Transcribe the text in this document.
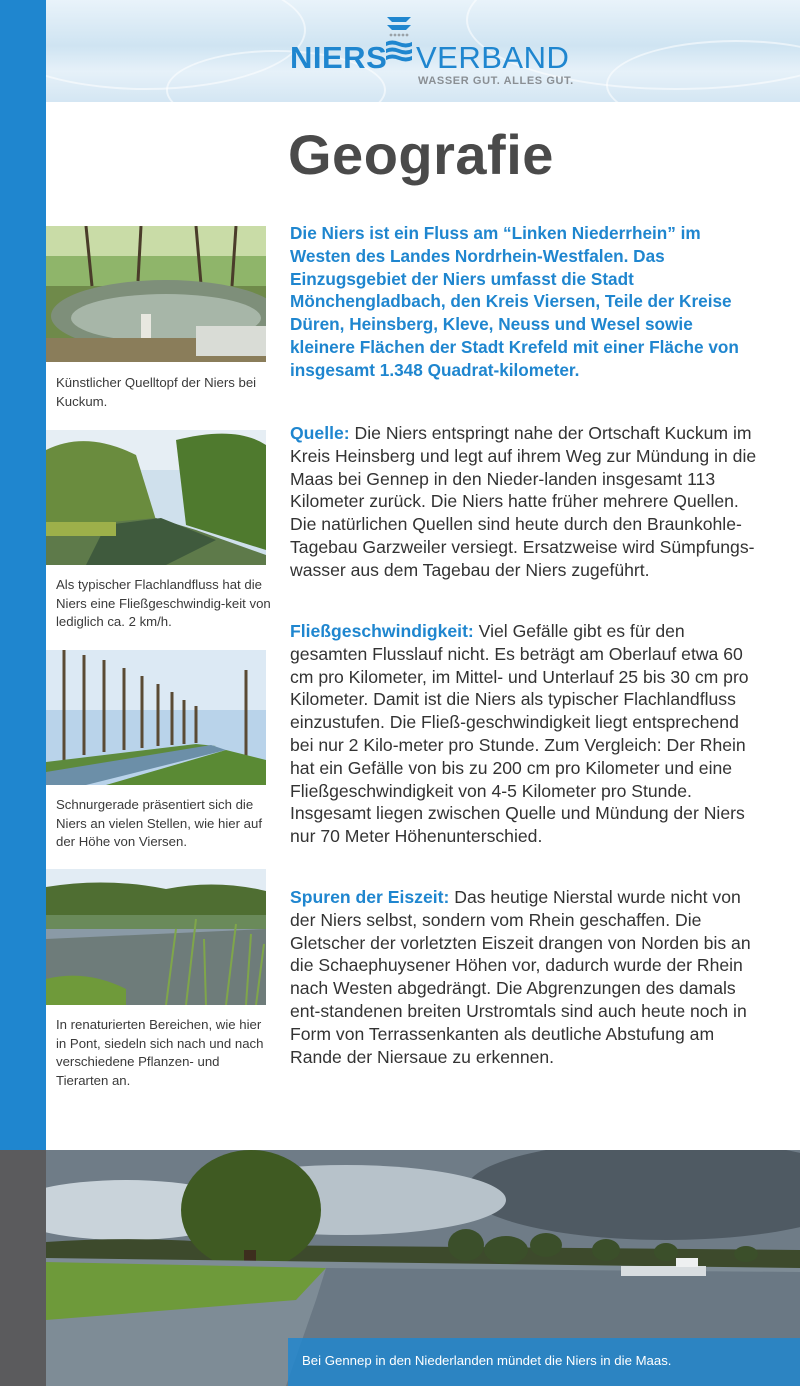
NIERS VERBAND
WASSER GUT. ALLES GUT.
Geografie
Künstlicher Quelltopf der Niers bei Kuckum.
Als typischer Flachlandfluss hat die Niers eine Fließgeschwindig-keit von lediglich ca. 2 km/h.
Schnurgerade präsentiert sich die Niers an vielen Stellen, wie hier auf der Höhe von Viersen.
In renaturierten Bereichen, wie hier in Pont, siedeln sich nach und nach verschiedene Pflanzen- und Tierarten an.

Die Niers ist ein Fluss am “Linken Niederrhein” im Westen des Landes Nordrhein-Westfalen. Das Einzugsgebiet der Niers umfasst die Stadt Mönchengladbach, den Kreis Viersen, Teile der Kreise Düren, Heinsberg, Kleve, Neuss und Wesel sowie kleinere Flächen der Stadt Krefeld mit einer Fläche von insgesamt 1.348 Quadrat-kilometer.

Quelle: Die Niers entspringt nahe der Ortschaft Kuckum im Kreis Heinsberg und legt auf ihrem Weg zur Mündung in die Maas bei Gennep in den Nieder-landen insgesamt 113 Kilometer zurück. Die Niers hatte früher mehrere Quellen. Die natürlichen Quellen sind heute durch den Braunkohle-Tagebau Garzweiler versiegt. Ersatzweise wird Sümpfungs-wasser aus dem Tagebau der Niers zugeführt.

Fließgeschwindigkeit: Viel Gefälle gibt es für den gesamten Flusslauf nicht. Es beträgt am Oberlauf etwa 60 cm pro Kilometer, im Mittel- und Unterlauf 25 bis 30 cm pro Kilometer. Damit ist die Niers als typischer Flachlandfluss einzustufen. Die Fließ-geschwindigkeit liegt entsprechend bei nur 2 Kilo-meter pro Stunde. Zum Vergleich: Der Rhein hat ein Gefälle von bis zu 200 cm pro Kilometer und eine Fließgeschwindigkeit von 4-5 Kilometer pro Stunde. Insgesamt liegen zwischen Quelle und Mündung der Niers nur 70 Meter Höhenunterschied.

Spuren der Eiszeit: Das heutige Nierstal wurde nicht von der Niers selbst, sondern vom Rhein geschaffen. Die Gletscher der vorletzten Eiszeit drangen von Norden bis an die Schaephuysener Höhen vor, dadurch wurde der Rhein nach Westen abgedrängt. Die Abgrenzungen des damals ent-standenen breiten Urstromtals sind auch heute noch in Form von Terrassenkanten als deutliche Abstufung am Rande der Niersaue zu erkennen.

Bei Gennep in den Niederlanden mündet die Niers in die Maas.
